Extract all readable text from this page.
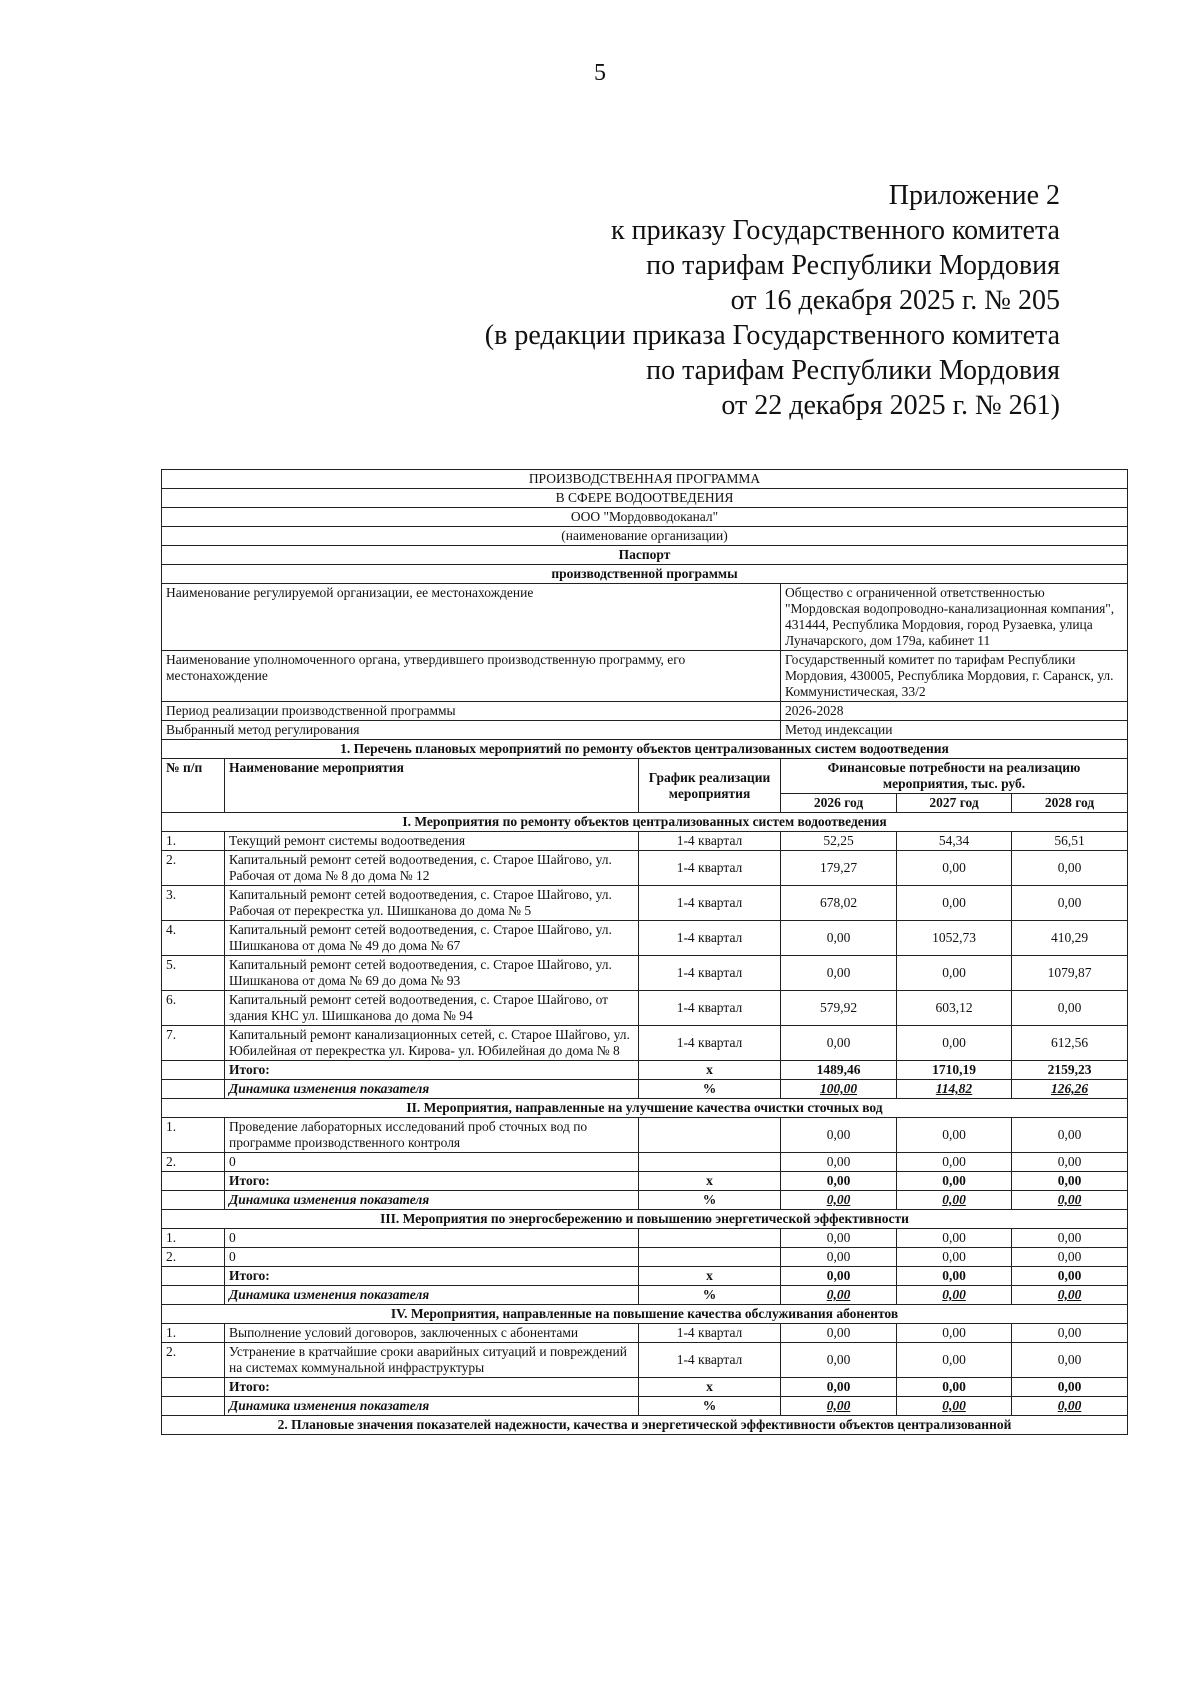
5
Приложение 2
к приказу Государственного комитета
по тарифам Республики Мордовия
от 16 декабря 2025 г. № 205
(в редакции приказа Государственного комитета
по тарифам Республики Мордовия
от 22 декабря 2025 г. № 261)
ПРОИЗВОДСТВЕННАЯ ПРОГРАММА					
В СФЕРЕ ВОДООТВЕДЕНИЯ					
ООО "Мордовводоканал"					
(наименование организации)					
Паспорт					
производственной программы					
Наименование регулируемой организации, ее местонахождение			Общество с ограниченной ответственностью "Мордовская водопроводно-канализационная компания", 431444, Республика Мордовия, город Рузаевка, улица Луначарского, дом 179а, кабинет 11		
Наименование уполномоченного органа, утвердившего производственную программу, его местонахождение			Государственный комитет по тарифам Республики Мордовия, 430005, Республика Мордовия, г. Саранск, ул. Коммунистическая, 33/2		
Период реализации производственной программы			2026-2028		
Выбранный метод регулирования			Метод индексации		
1. Перечень плановых мероприятий по ремонту объектов централизованных систем водоотведения					
№ п/п	Наименование мероприятия	График реализации мероприятия	Финансовые потребности на реализацию мероприятия, тыс. руб.		
			2026 год	2027 год	2028 год
I. Мероприятия по ремонту объектов централизованных систем водоотведения					
1.	Текущий ремонт системы водоотведения	1-4 квартал	52,25	54,34	56,51
2.	Капитальный ремонт сетей водоотведения, с. Старое Шайгово, ул. Рабочая от дома № 8 до дома № 12	1-4 квартал	179,27	0,00	0,00
3.	Капитальный ремонт сетей водоотведения, с. Старое Шайгово, ул. Рабочая от перекрестка ул. Шишканова до дома № 5	1-4 квартал	678,02	0,00	0,00
4.	Капитальный ремонт сетей водоотведения, с. Старое Шайгово, ул. Шишканова от дома № 49 до дома № 67	1-4 квартал	0,00	1052,73	410,29
5.	Капитальный ремонт сетей водоотведения, с. Старое Шайгово, ул. Шишканова от дома № 69 до дома № 93	1-4 квартал	0,00	0,00	1079,87
6.	Капитальный ремонт сетей водоотведения, с. Старое Шайгово, от здания КНС ул. Шишканова до дома № 94	1-4 квартал	579,92	603,12	0,00
7.	Капитальный ремонт канализационных сетей, с. Старое Шайгово, ул. Юбилейная от перекрестка ул. Кирова- ул. Юбилейная до дома № 8	1-4 квартал	0,00	0,00	612,56
	Итого:	x	1489,46	1710,19	2159,23
	Динамика изменения показателя	%	100,00	114,82	126,26
II. Мероприятия, направленные на улучшение качества очистки сточных вод					
1.	Проведение лабораторных исследований проб сточных вод по программе производственного контроля		0,00	0,00	0,00
2.	0		0,00	0,00	0,00
	Итого:	x	0,00	0,00	0,00
	Динамика изменения показателя	%	0,00	0,00	0,00
III. Мероприятия по энергосбережению и повышению энергетической эффективности					
1.	0		0,00	0,00	0,00
2.	0		0,00	0,00	0,00
	Итого:	x	0,00	0,00	0,00
	Динамика изменения показателя	%	0,00	0,00	0,00
IV. Мероприятия, направленные на повышение качества обслуживания абонентов					
1.	Выполнение условий договоров, заключенных с абонентами	1-4 квартал	0,00	0,00	0,00
2.	Устранение в кратчайшие сроки аварийных ситуаций и повреждений на системах коммунальной инфраструктуры	1-4 квартал	0,00	0,00	0,00
	Итого:	x	0,00	0,00	0,00
	Динамика изменения показателя	%	0,00	0,00	0,00
2. Плановые значения показателей надежности, качества и энергетической эффективности объектов централизованной					
